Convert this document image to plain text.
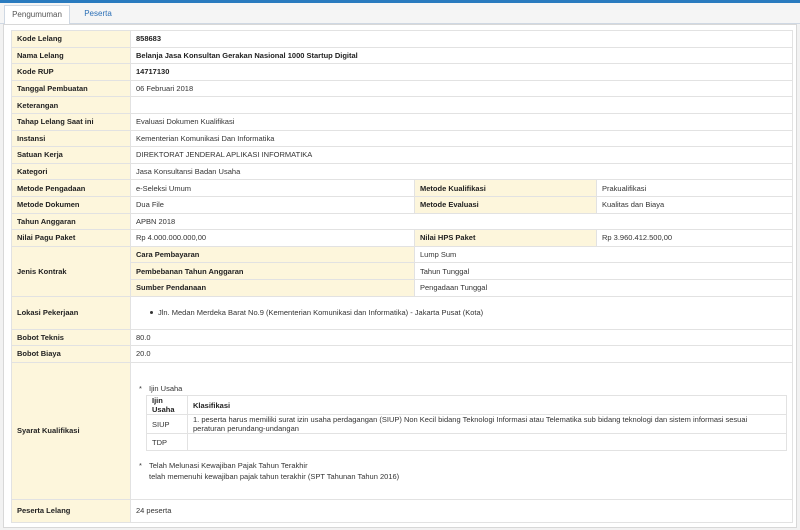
Pengumuman	Peserta
Kode Lelang	858683
Nama Lelang	Belanja Jasa Konsultan Gerakan Nasional 1000 Startup Digital
Kode RUP	14717130
Tanggal Pembuatan	06 Februari 2018
Keterangan	
Tahap Lelang Saat ini	Evaluasi Dokumen Kualifikasi
Instansi	Kementerian Komunikasi Dan Informatika
Satuan Kerja	DIREKTORAT JENDERAL APLIKASI INFORMATIKA
Kategori	Jasa Konsultansi Badan Usaha
Metode Pengadaan	e-Seleksi Umum	Metode Kualifikasi	Prakualifikasi
Metode Dokumen	Dua File	Metode Evaluasi	Kualitas dan Biaya
Tahun Anggaran	APBN 2018
Nilai Pagu Paket	Rp 4.000.000.000,00	Nilai HPS Paket	Rp 3.960.412.500,00
Jenis Kontrak	Cara Pembayaran	Lump Sum
Pembebanan Tahun Anggaran	Tahun Tunggal
Sumber Pendanaan	Pengadaan Tunggal
Lokasi Pekerjaan	Jln. Medan Merdeka Barat No.9 (Kementerian Komunikasi dan Informatika) - Jakarta Pusat (Kota)
Bobot Teknis	80.0
Bobot Biaya	20.0
Syarat Kualifikasi	
* Ijin Usaha
Ijin Usaha	Klasifikasi
SIUP	1. peserta harus memiliki surat izin usaha perdagangan (SIUP) Non Kecil bidang Teknologi Informasi atau Telematika sub bidang teknologi dan sistem informasi sesuai peraturan perundang-undangan
TDP	
* Telah Melunasi Kewajiban Pajak Tahun Terakhir
telah memenuhi kewajiban pajak tahun terakhir (SPT Tahunan Tahun 2016)

Peserta Lelang	24 peserta
